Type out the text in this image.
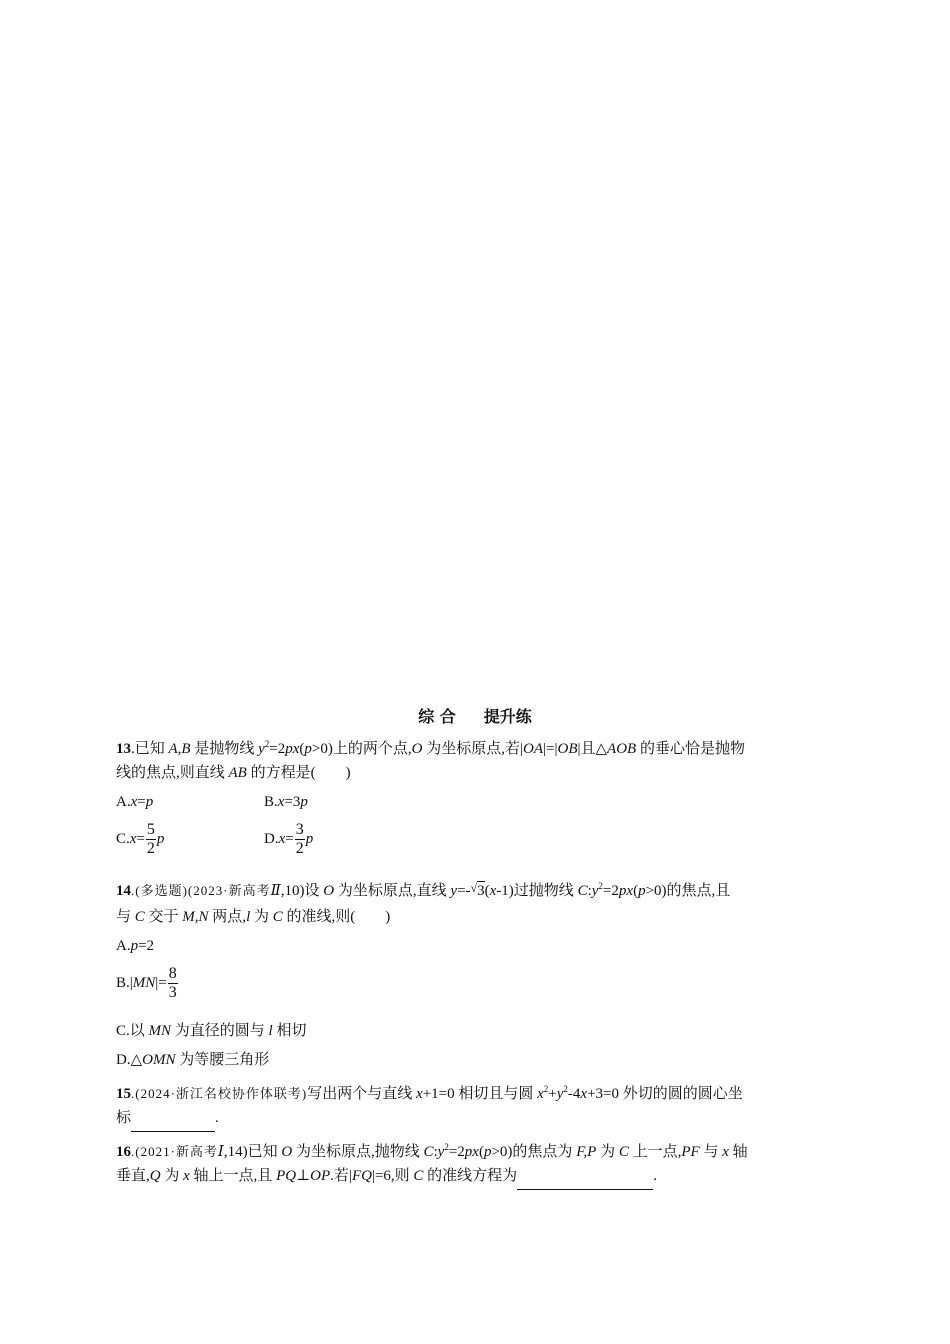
综 合 提升练
13.已知 A,B 是抛物线 $y^2=2px(p>0)$上的两个点,O 为坐标原点,若|OA|=|OB|且△AOB 的垂心恰是抛物
线的焦点,则直线 AB 的方程是(　　)
A.x=p	B.x=3p
$C.x= \frac{5}{2}$ p	$D.x= \frac{3}{2}$ p
14.(多选题)(2023·新高考Ⅱ,10)设 O 为坐标原点,直线 y=-√3(x-1)过抛物线 $C:y^2=2px(p>0)$的焦点,且
与 C 交于 M,N 两点,l 为 C 的准线,则(　　)
A.p=2
$B.|MN|= \frac{8}{3}$
C.以 MN 为直径的圆与 l 相切
D.△OMN 为等腰三角形
15.(2024·浙江名校协作体联考)写出两个与直线 x+1=0 相切且与圆 $x^2+y^2-4x+3=0$ 外切的圆的圆心坐
标	.
16.(2021·新高考Ⅰ,14)已知 O 为坐标原点,抛物线 $C:y^2=2px(p>0)$的焦点为 F,P 为 C 上一点,PF 与 x 轴
垂直,Q 为 x 轴上一点,且 PQ⊥OP.若|FQ|=6,则 C 的准线方程为	.
